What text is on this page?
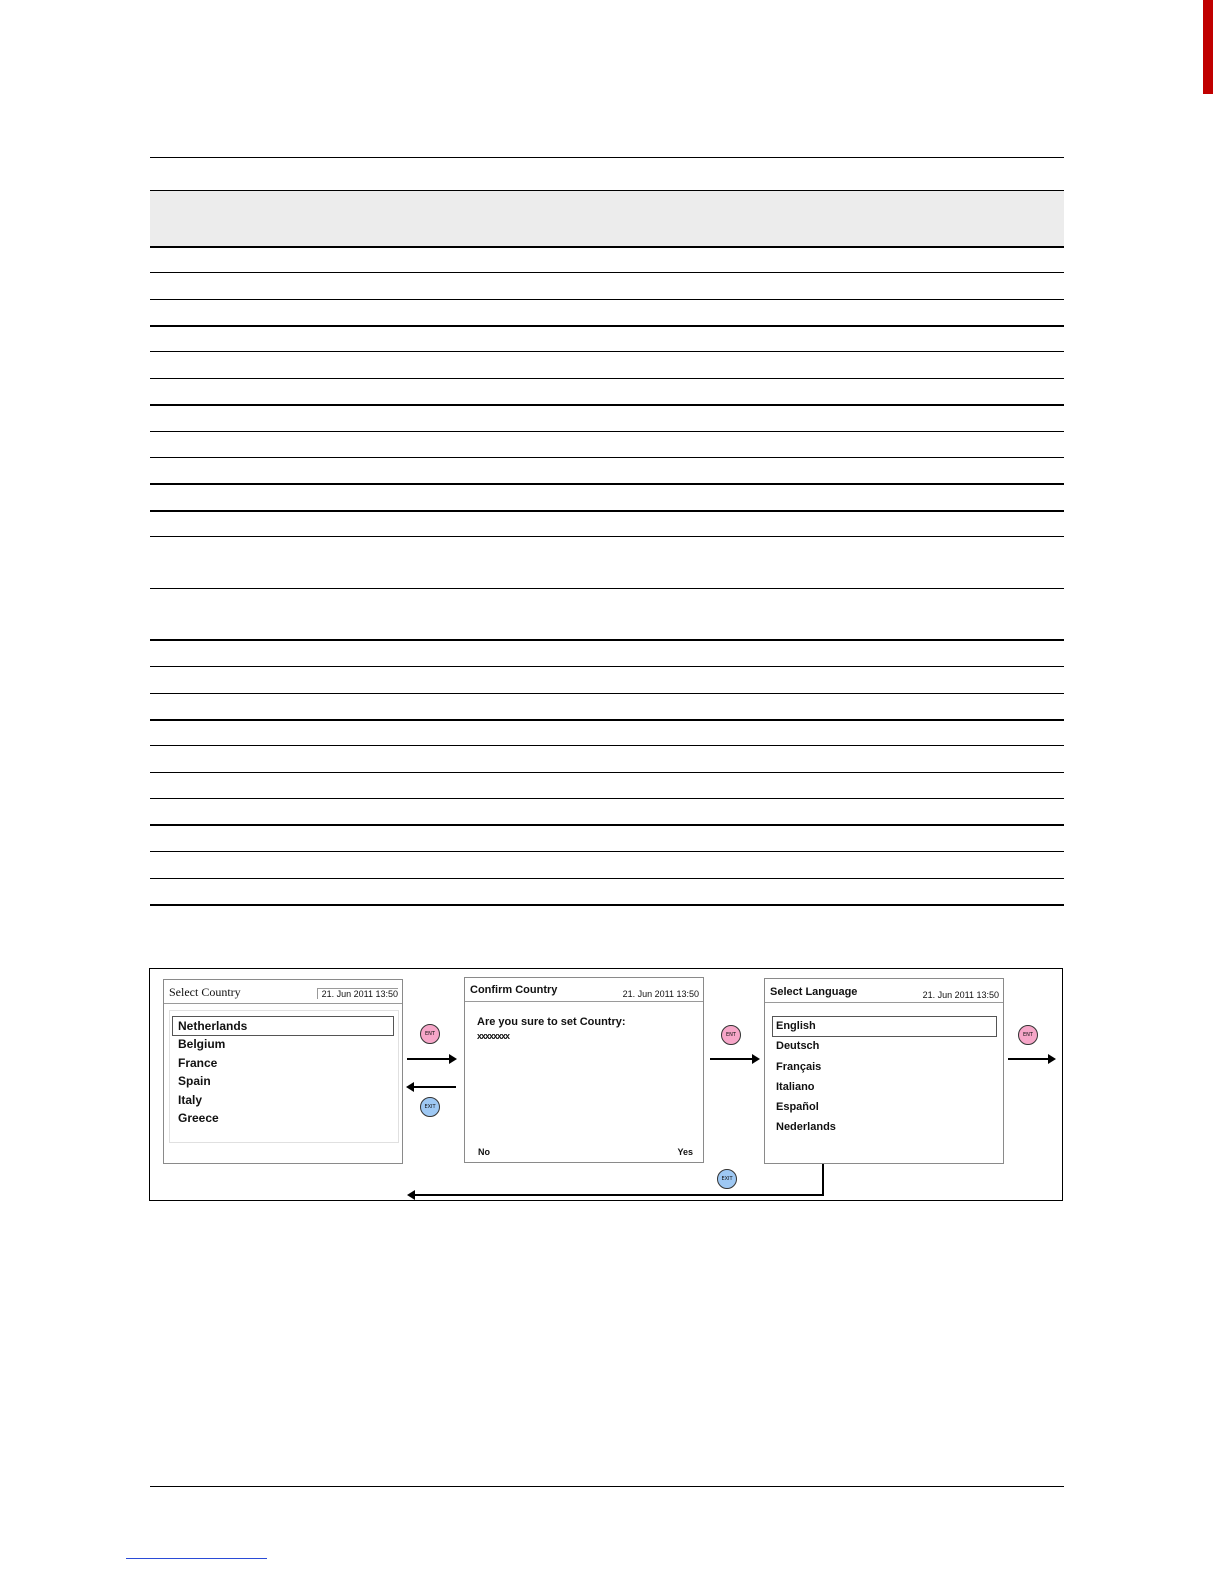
Select Country	21. Jun 2011 13:50
Netherlands
Belgium
France
Spain
Italy
Greece
ENT
EXIT
Confirm Country	21. Jun 2011 13:50
Are you sure to set Country:
xxxxxxxx
No	Yes
ENT
Select Language	21. Jun 2011 13:50
English
Deutsch
Français
Italiano
Español
Nederlands
ENT
EXIT
